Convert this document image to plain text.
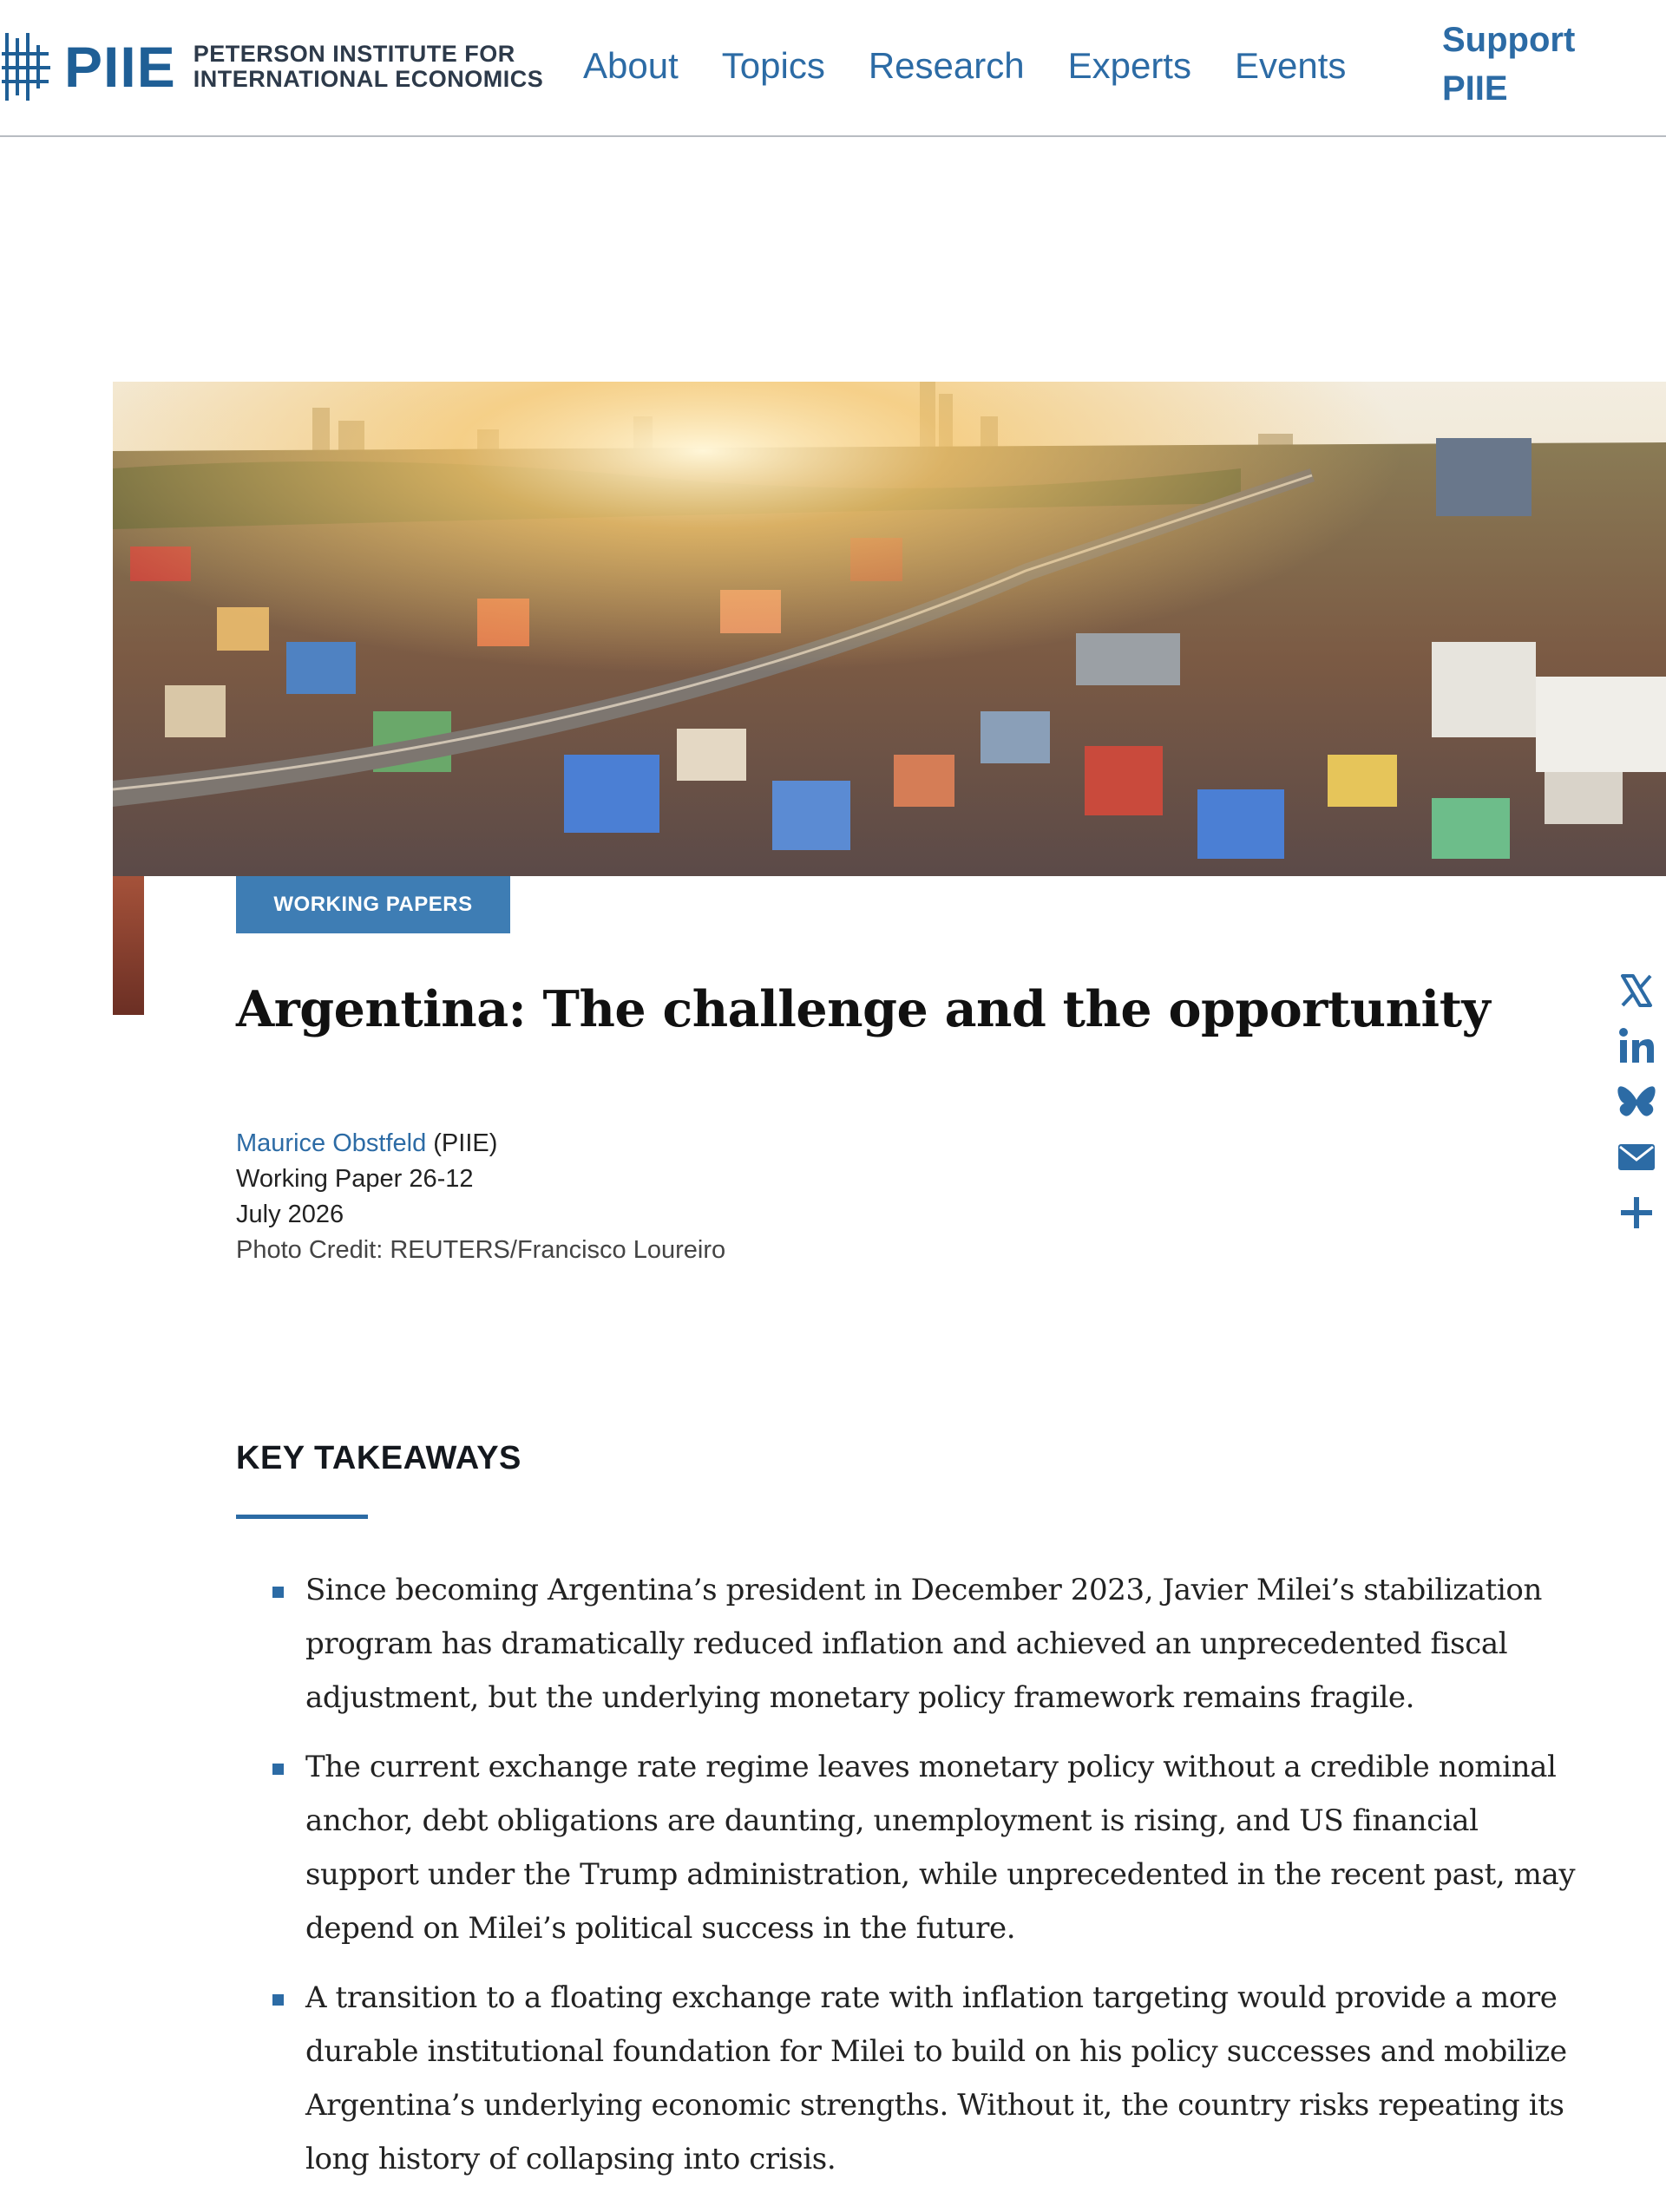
PIIE PETERSON INSTITUTE FOR
INTERNATIONAL ECONOMICS About Topics Research Experts Events
Support
PIIE
WORKING PAPERS
Argentina: The challenge and the opportunity
Maurice Obstfeld (PIIE)
Working Paper 26-12
July 2026
Photo Credit: REUTERS/Francisco Loureiro
KEY TAKEAWAYS
Since becoming Argentina’s president in December 2023, Javier Milei’s stabilization program has dramatically reduced inflation and achieved an unprecedented fiscal adjustment, but the underlying monetary policy framework remains fragile.
The current exchange rate regime leaves monetary policy without a credible nominal anchor, debt obligations are daunting, unemployment is rising, and US financial support under the Trump administration, while unprecedented in the recent past, may depend on Milei’s political success in the future.
A transition to a floating exchange rate with inflation targeting would provide a more durable institutional foundation for Milei to build on his policy successes and mobilize Argentina’s underlying economic strengths. Without it, the country risks repeating its long history of collapsing into crisis.
